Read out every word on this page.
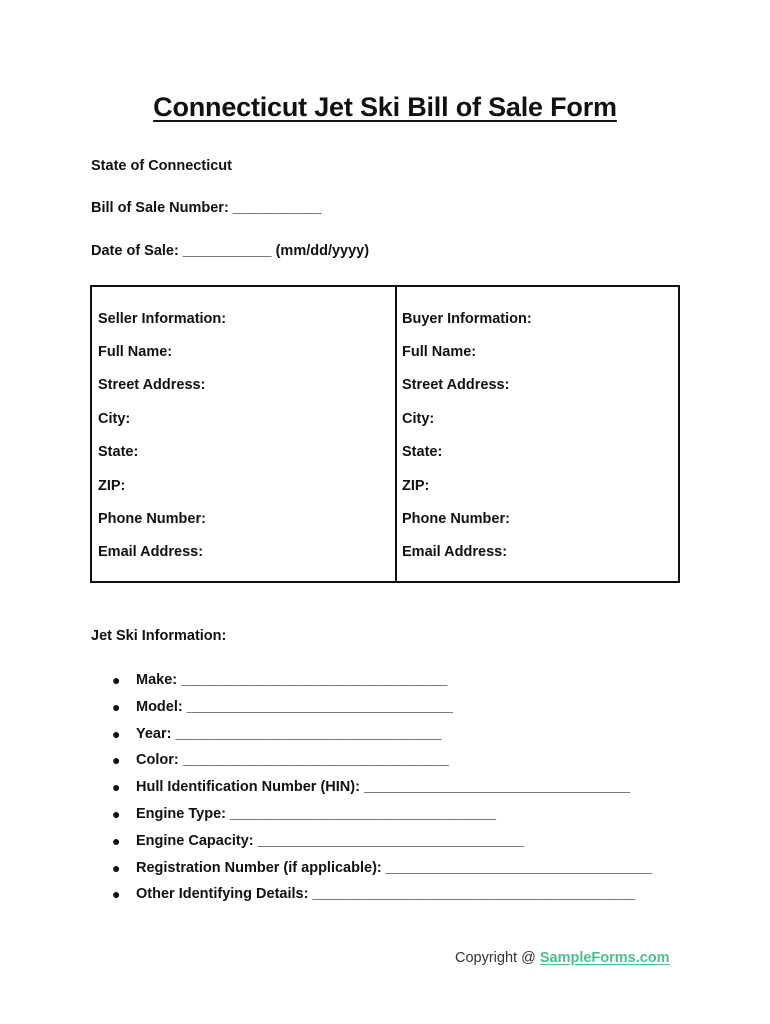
Connecticut Jet Ski Bill of Sale Form
State of Connecticut
Bill of Sale Number: ___________
Date of Sale: ___________ (mm/dd/yyyy)
Seller Information:
Full Name:
Street Address:
City:
State:
ZIP:
Phone Number:
Email Address:
Buyer Information:
Full Name:
Street Address:
City:
State:
ZIP:
Phone Number:
Email Address:
Jet Ski Information:
● Make: _________________________________
● Model: _________________________________
● Year: _________________________________
● Color: _________________________________
● Hull Identification Number (HIN): _________________________________
● Engine Type: _________________________________
● Engine Capacity: _________________________________
● Registration Number (if applicable): _________________________________
● Other Identifying Details: ________________________________________
Copyright @ SampleForms.com
